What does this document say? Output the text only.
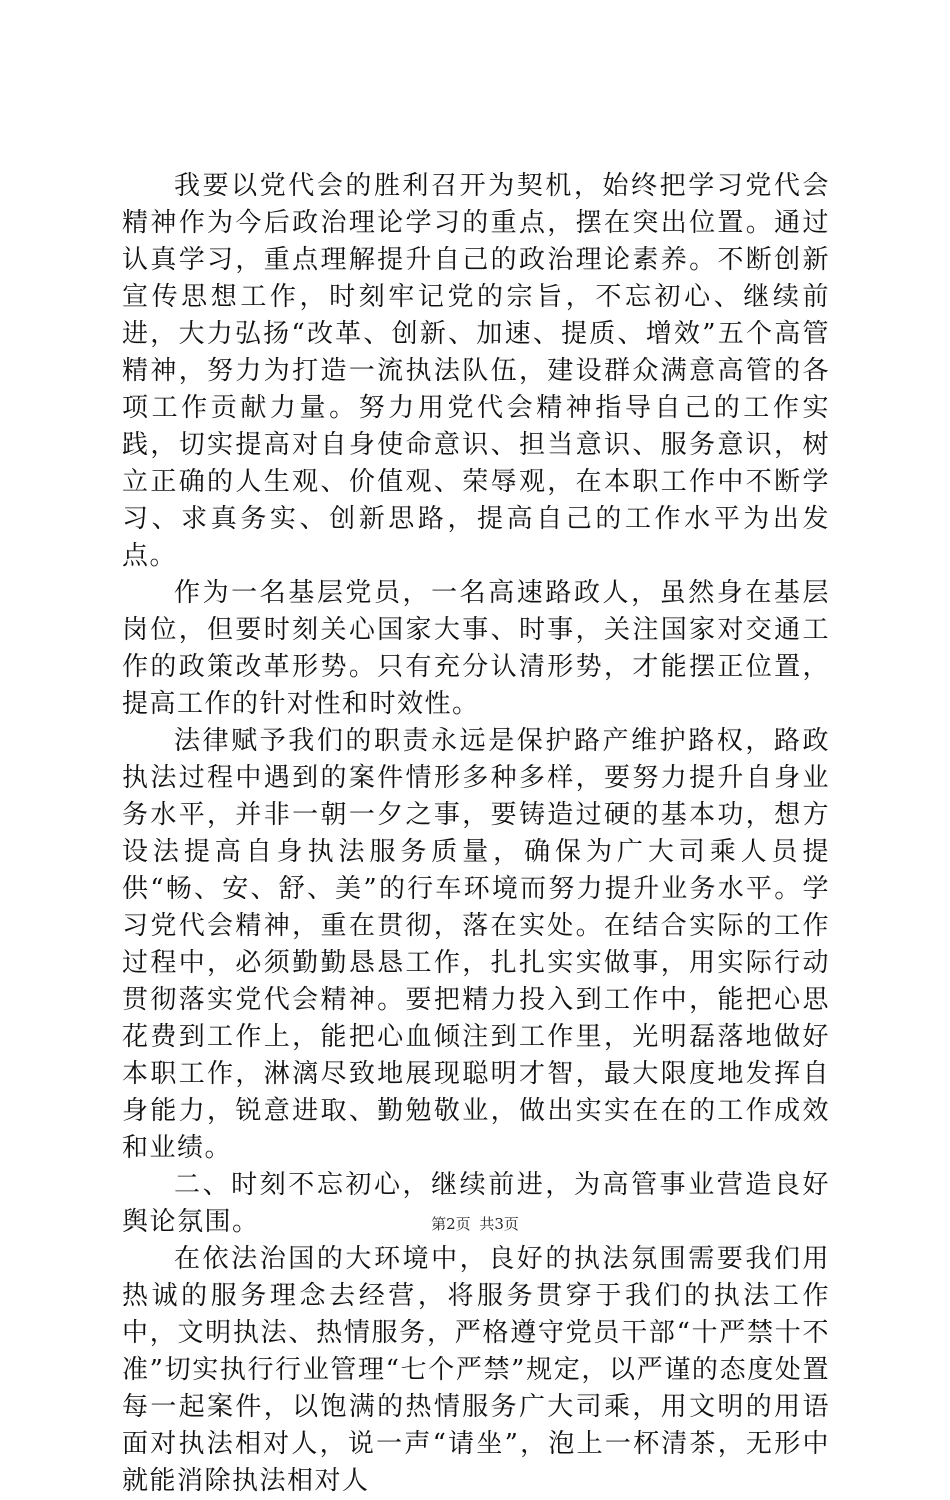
我要以党代会的胜利召开为契机，始终把学习党代会精神作为今后政治理论学习的重点，摆在突出位置。通过认真学习，重点理解提升自己的政治理论素养。不断创新宣传思想工作，时刻牢记党的宗旨，不忘初心、继续前进，大力弘扬“改革、创新、加速、提质、增效”五个高管精神，努力为打造一流执法队伍，建设群众满意高管的各项工作贡献力量。努力用党代会精神指导自己的工作实践，切实提高对自身使命意识、担当意识、服务意识，树立正确的人生观、价值观、荣辱观，在本职工作中不断学习、求真务实、创新思路，提高自己的工作水平为出发点。

作为一名基层党员，一名高速路政人，虽然身在基层岗位，但要时刻关心国家大事、时事，关注国家对交通工作的政策改革形势。只有充分认清形势，才能摆正位置，提高工作的针对性和时效性。

法律赋予我们的职责永远是保护路产维护路权，路政执法过程中遇到的案件情形多种多样，要努力提升自身业务水平，并非一朝一夕之事，要铸造过硬的基本功，想方设法提高自身执法服务质量，确保为广大司乘人员提供“畅、安、舒、美”的行车环境而努力提升业务水平。学习党代会精神，重在贯彻，落在实处。在结合实际的工作过程中，必须勤勤恳恳工作，扎扎实实做事，用实际行动贯彻落实党代会精神。要把精力投入到工作中，能把心思花费到工作上，能把心血倾注到工作里，光明磊落地做好本职工作，淋漓尽致地展现聪明才智，最大限度地发挥自身能力，锐意进取、勤勉敬业，做出实实在在的工作成效和业绩。

二、时刻不忘初心，继续前进，为高管事业营造良好舆论氛围。

在依法治国的大环境中，良好的执法氛围需要我们用热诚的服务理念去经营，将服务贯穿于我们的执法工作中，文明执法、热情服务，严格遵守党员干部“十严禁十不准”切实执行行业管理“七个严禁”规定，以严谨的态度处置每一起案件，以饱满的热情服务广大司乘，用文明的用语面对执法相对人，说一声“请坐”，泡上一杯清茶，无形中就能消除执法相对人

第2页 共3页
